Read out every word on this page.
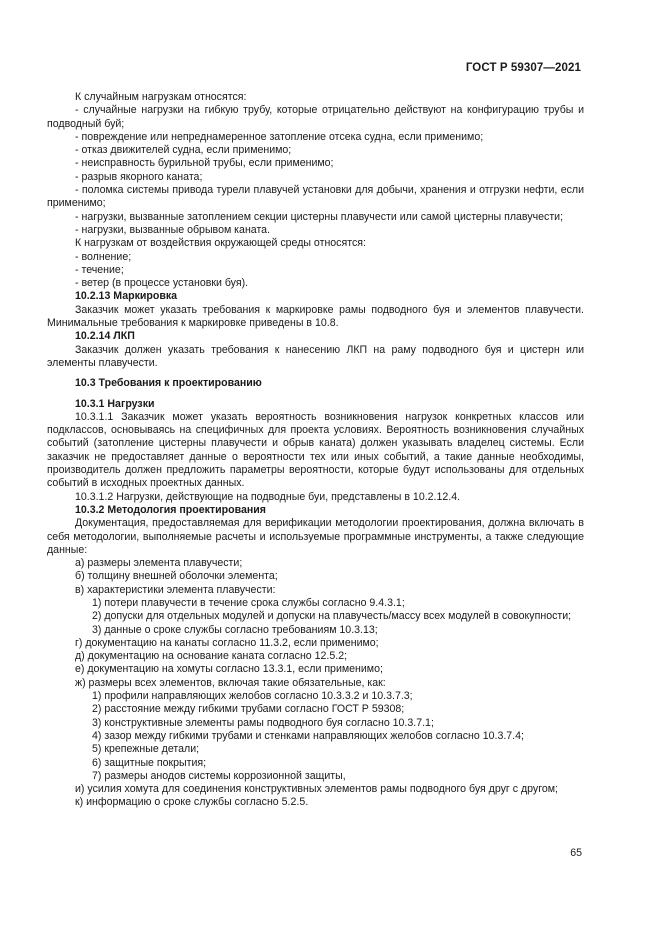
ГОСТ Р 59307—2021

К случайным нагрузкам относятся:

- случайные нагрузки на гибкую трубу, которые отрицательно действуют на конфигурацию трубы и подводный буй;

- повреждение или непреднамеренное затопление отсека судна, если применимо;

- отказ движителей судна, если применимо;

- неисправность бурильной трубы, если применимо;

- разрыв якорного каната;

- поломка системы привода турели плавучей установки для добычи, хранения и отгрузки нефти, если применимо;

- нагрузки, вызванные затоплением секции цистерны плавучести или самой цистерны плавучести;

- нагрузки, вызванные обрывом каната.

К нагрузкам от воздействия окружающей среды относятся:

- волнение;

- течение;

- ветер (в процессе установки буя).

10.2.13 Маркировка

Заказчик может указать требования к маркировке рамы подводного буя и элементов плавучести. Минимальные требования к маркировке приведены в 10.8.

10.2.14 ЛКП

Заказчик должен указать требования к нанесению ЛКП на раму подводного буя и цистерн или элементы плавучести.

10.3 Требования к проектированию

10.3.1 Нагрузки

10.3.1.1 Заказчик может указать вероятность возникновения нагрузок конкретных классов или подклассов, основываясь на специфичных для проекта условиях. Вероятность возникновения случайных событий (затопление цистерны плавучести и обрыв каната) должен указывать владелец системы. Если заказчик не предоставляет данные о вероятности тех или иных событий, а такие данные необходимы, производитель должен предложить параметры вероятности, которые будут использованы для отдельных событий в исходных проектных данных.

10.3.1.2 Нагрузки, действующие на подводные буи, представлены в 10.2.12.4.

10.3.2 Методология проектирования

Документация, предоставляемая для верификации методологии проектирования, должна включать в себя методологии, выполняемые расчеты и используемые программные инструменты, а также следующие данные:

а) размеры элемента плавучести;

б) толщину внешней оболочки элемента;

в) характеристики элемента плавучести:

1) потери плавучести в течение срока службы согласно 9.4.3.1;

2) допуски для отдельных модулей и допуски на плавучесть/массу всех модулей в совокупности;

3) данные о сроке службы согласно требованиям 10.3.13;

г) документацию на канаты согласно 11.3.2, если применимо;

д) документацию на основание каната согласно 12.5.2;

е) документацию на хомуты согласно 13.3.1, если применимо;

ж) размеры всех элементов, включая такие обязательные, как:

1) профили направляющих желобов согласно 10.3.3.2 и 10.3.7.3;

2) расстояние между гибкими трубами согласно ГОСТ Р 59308;

3) конструктивные элементы рамы подводного буя согласно 10.3.7.1;

4) зазор между гибкими трубами и стенками направляющих желобов согласно 10.3.7.4;

5) крепежные детали;

6) защитные покрытия;

7) размеры анодов системы коррозионной защиты,

и) усилия хомута для соединения конструктивных элементов рамы подводного буя друг с другом;

к) информацию о сроке службы согласно 5.2.5.

65
